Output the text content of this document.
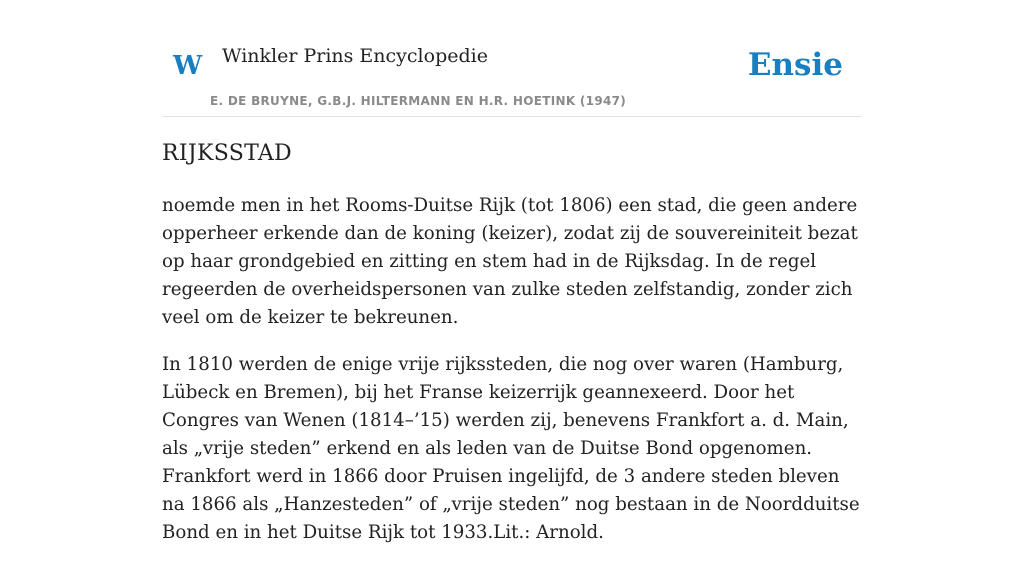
W Winkler Prins Encyclopedie
E. DE BRUYNE, G.B.J. HILTERMANN EN H.R. HOETINK (1947)
Ensie
RIJKSSTAD

noemde men in het Rooms-Duitse Rijk (tot 1806) een stad, die geen andere opperheer erkende dan de koning (keizer), zodat zij de souvereiniteit bezat op haar grondgebied en zitting en stem had in de Rijksdag. In de regel regeerden de overheidspersonen van zulke steden zelfstandig, zonder zich veel om de keizer te bekreunen.

In 1810 werden de enige vrije rijkssteden, die nog over waren (Hamburg, Lübeck en Bremen), bij het Franse keizerrijk geannexeerd. Door het Congres van Wenen (1814–’15) werden zij, benevens Frankfort a. d. Main, als „vrije steden” erkend en als leden van de Duitse Bond opgenomen. Frankfort werd in 1866 door Pruisen ingelijfd, de 3 andere steden bleven na 1866 als „Hanzesteden” of „vrije steden” nog bestaan in de Noordduitse Bond en in het Duitse Rijk tot 1933.Lit.: Arnold.
